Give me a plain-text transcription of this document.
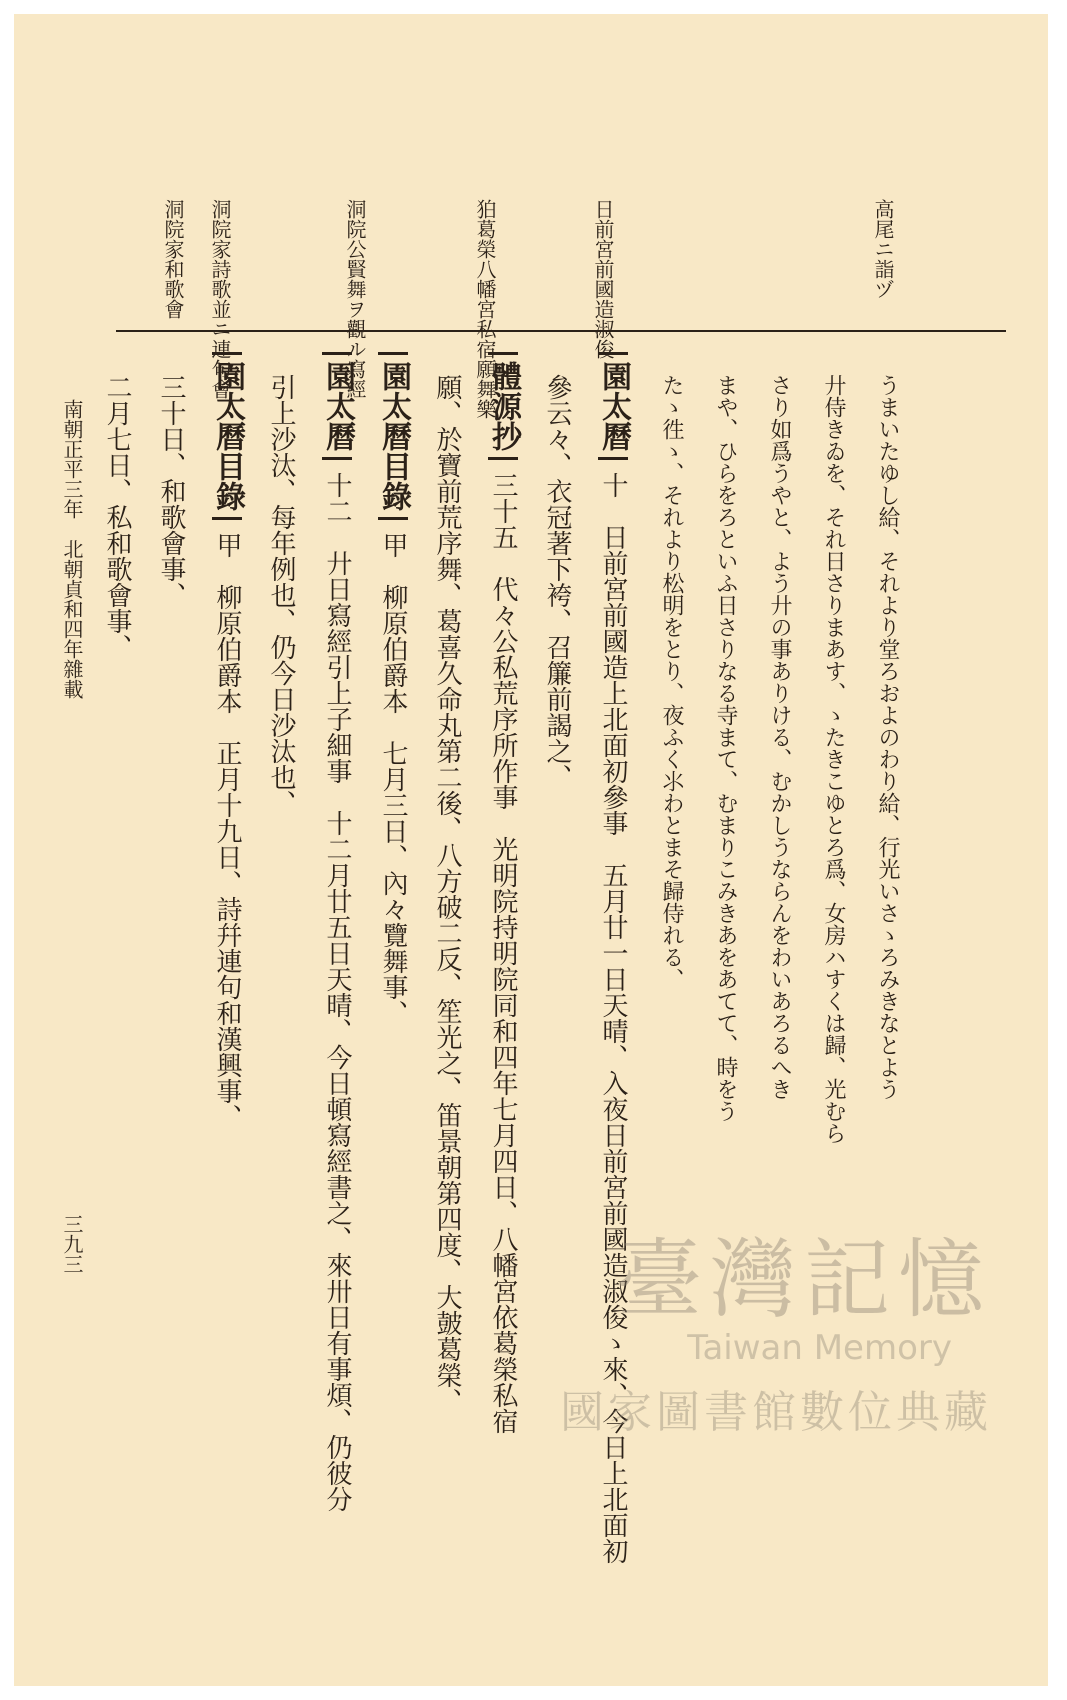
高尾ニ詣ヅ
日前宮前國造淑俊
狛葛榮八幡宮私宿願舞樂
洞院公賢舞ヲ觀ル寫經
洞院家詩歌並ニ連句會
洞院家和歌會
うまいたゆし給、それより堂ろおよのわり給、行光いさゝろみきなとよう
廾侍きゐを、それ日さりまあす、ゝたきこゆとろ爲、女房ハすくは歸、光むら
さり如爲うやと、よう廾の事ありける、むかしうならんをわいあろるへき
まや、ひらをろといふ日さりなる寺まて、むまりこみきあをあてて、時をう
たゝ徃ゝ、それより松明をとり、夜ふく⺢わとまそ歸侍れる、
園太曆十　日前宮前國造上北面初參事　五月廿一日天晴、入夜日前宮前國造淑俊ゝ來、今日上北面初
參云々、衣冠著下袴、召簾前謁之、
體源抄三十五　代々公私荒序所作事　光明院持明院同和四年七月四日、八幡宮依葛榮私宿
願、於寶前荒序舞、葛喜久命丸第二後、八方破二反、笙光之、笛景朝第四度、大皷葛榮、
園太曆目錄甲　柳原伯爵本　七月三日、內々覽舞事、
園太曆十二　廾日寫經引上子細事　十二月廿五日天晴、今日頓寫經書之、來卅日有事煩、仍彼分
引上沙汰、每年例也、仍今日沙汰也、
園太曆目錄甲　柳原伯爵本　正月十九日、詩幷連句和漢興事、
三十日、和歌會事、
二月七日、私和歌會事、
南朝正平三年　北朝貞和四年雜載
三九三	臺灣記憶
Taiwan Memory
國家圖書館數位典藏
